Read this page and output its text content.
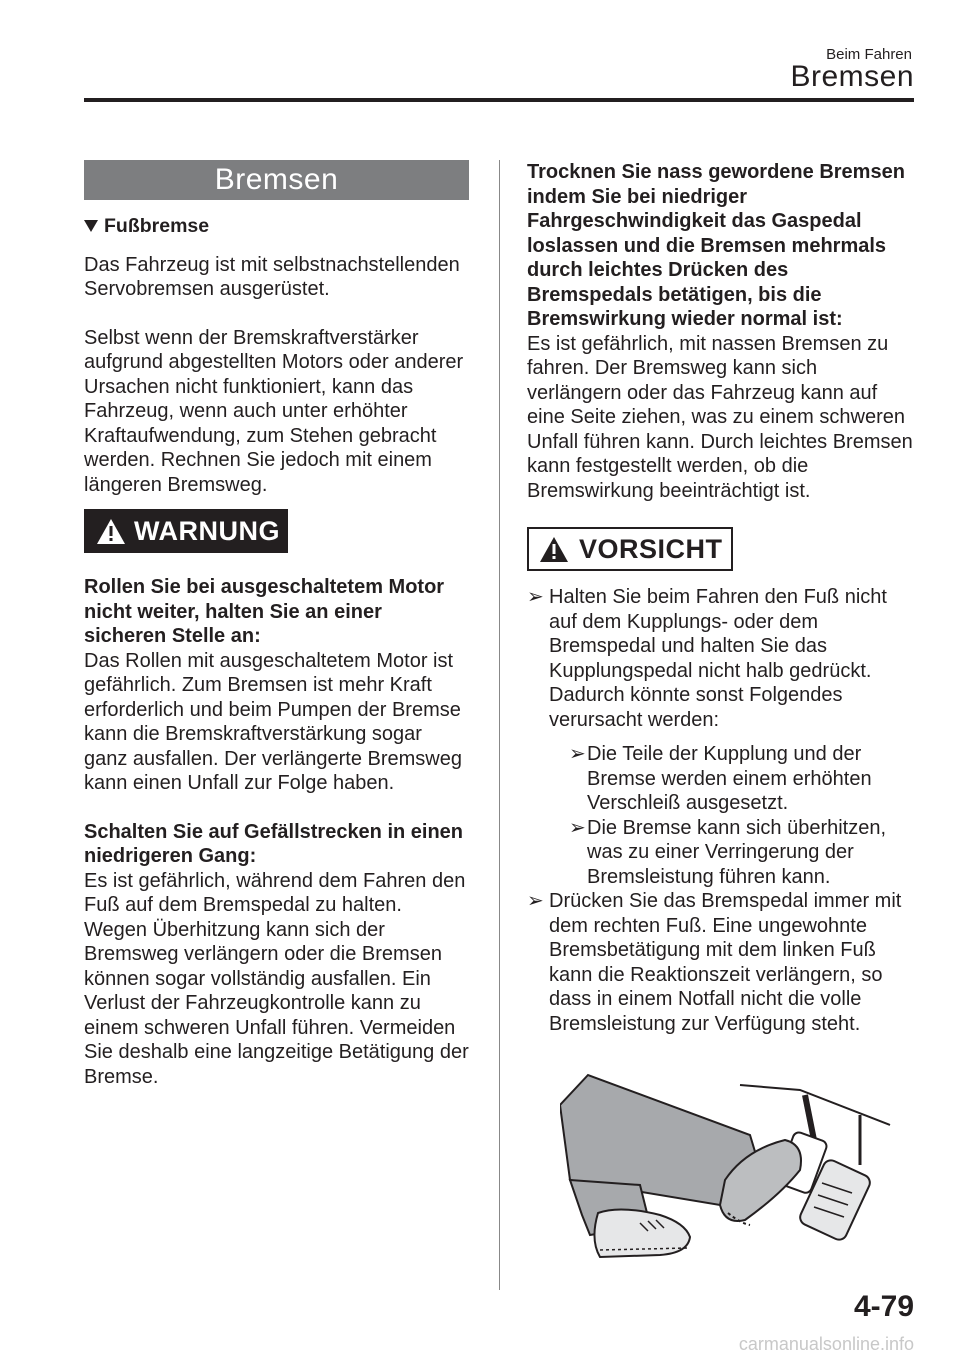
Beim Fahren
Bremsen
Bremsen
Fußbremse

Das Fahrzeug ist mit selbstnachstellenden Servobremsen ausgerüstet.

Selbst wenn der Bremskraftverstärker aufgrund abgestellten Motors oder anderer Ursachen nicht funktioniert, kann das Fahrzeug, wenn auch unter erhöhter Kraftaufwendung, zum Stehen gebracht werden. Rechnen Sie jedoch mit einem längeren Bremsweg.

WARNUNG

Rollen Sie bei ausgeschaltetem Motor nicht weiter, halten Sie an einer sicheren Stelle an:

Das Rollen mit ausgeschaltetem Motor ist gefährlich. Zum Bremsen ist mehr Kraft erforderlich und beim Pumpen der Bremse kann die Bremskraftverstärkung sogar ganz ausfallen. Der verlängerte Bremsweg kann einen Unfall zur Folge haben.

Schalten Sie auf Gefällstrecken in einen niedrigeren Gang:

Es ist gefährlich, während dem Fahren den Fuß auf dem Bremspedal zu halten. Wegen Überhitzung kann sich der Bremsweg verlängern oder die Bremsen können sogar vollständig ausfallen. Ein Verlust der Fahrzeugkontrolle kann zu einem schweren Unfall führen. Vermeiden Sie deshalb eine langzeitige Betätigung der Bremse.

Trocknen Sie nass gewordene Bremsen indem Sie bei niedriger Fahrgeschwindigkeit das Gaspedal loslassen und die Bremsen mehrmals durch leichtes Drücken des Bremspedals betätigen, bis die Bremswirkung wieder normal ist:

Es ist gefährlich, mit nassen Bremsen zu fahren. Der Bremsweg kann sich verlängern oder das Fahrzeug kann auf eine Seite ziehen, was zu einem schweren Unfall führen kann. Durch leichtes Bremsen kann festgestellt werden, ob die Bremswirkung beeinträchtigt ist.

VORSICHT
➢ Halten Sie beim Fahren den Fuß nicht auf dem Kupplungs- oder dem Bremspedal und halten Sie das Kupplungspedal nicht halb gedrückt. Dadurch könnte sonst Folgendes verursacht werden:
➢ Die Teile der Kupplung und der Bremse werden einem erhöhten Verschleiß ausgesetzt.
➢ Die Bremse kann sich überhitzen, was zu einer Verringerung der Bremsleistung führen kann.
➢ Drücken Sie das Bremspedal immer mit dem rechten Fuß. Eine ungewohnte Bremsbetätigung mit dem linken Fuß kann die Reaktionszeit verlängern, so dass in einem Notfall nicht die volle Bremsleistung zur Verfügung steht.
4-79
carmanualsonline.info
